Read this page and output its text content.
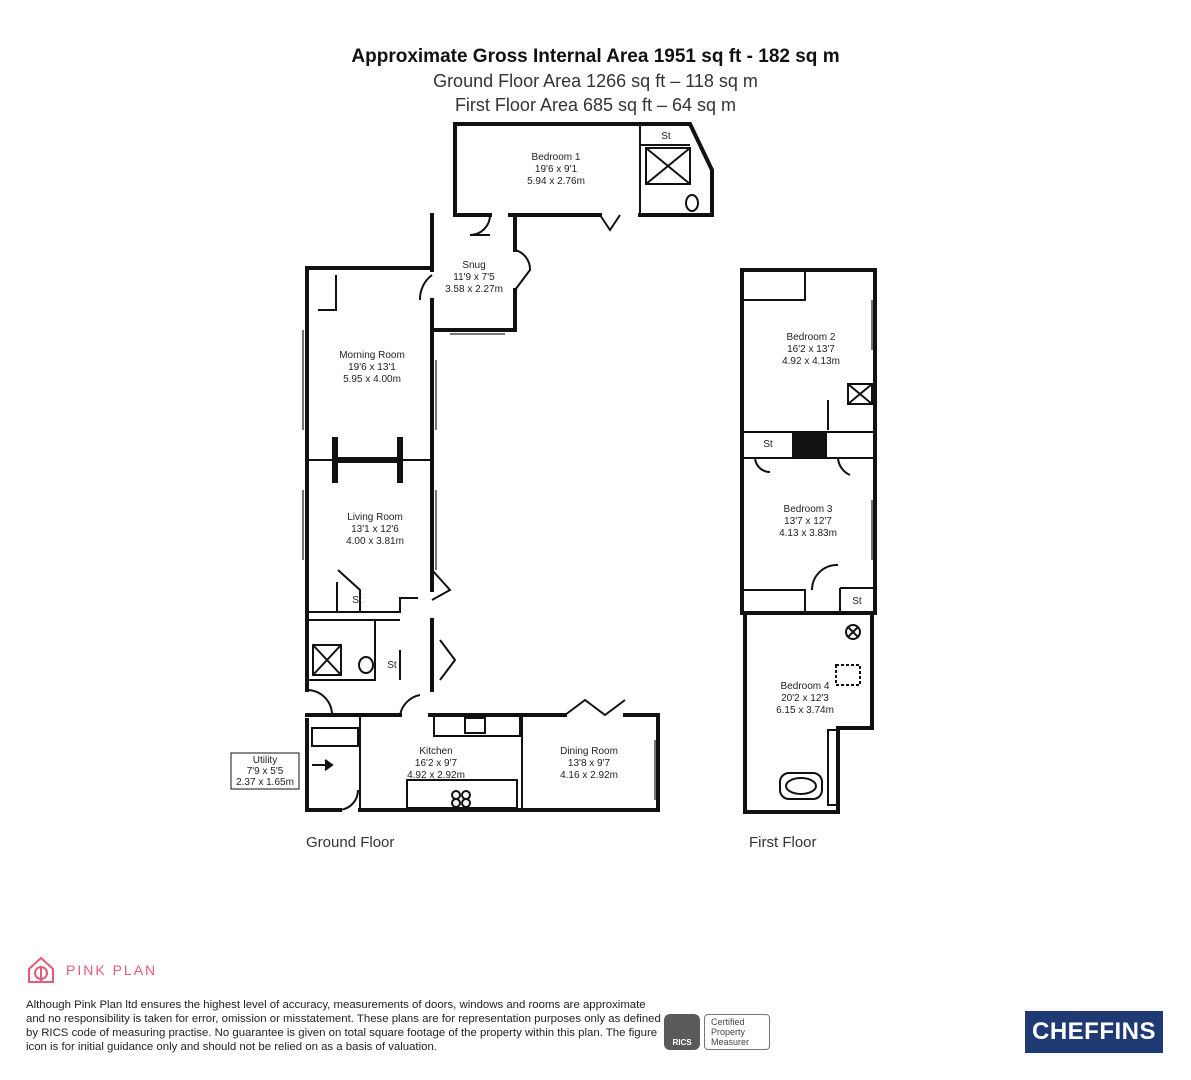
Approximate Gross Internal Area 1951 sq ft - 182 sq m
Ground Floor Area 1266 sq ft – 118 sq m
First Floor Area 685 sq ft – 64 sq m
Bedroom 1
19'6 x 9'1
5.94 x 2.76m
Snug
11'9 x 7'5
3.58 x 2.27m
Morning Room
19'6 x 13'1
5.95 x 4.00m
Living Room
13'1 x 12'6
4.00 x 3.81m
Kitchen
16'2 x 9'7
4.92 x 2.92m
Dining Room
13'8 x 9'7
4.16 x 2.92m
Utility
7'9 x 5'5
2.37 x 1.65m
Bedroom 2
16'2 x 13'7
4.92 x 4.13m
Bedroom 3
13'7 x 12'7
4.13 x 3.83m
Bedroom 4
20'2 x 12'3
6.15 x 3.74m
St
St
St
St
St
Ground Floor	First Floor
PINK PLAN
Although Pink Plan ltd ensures the highest level of accuracy, measurements of doors, windows and rooms are approximate and no responsibility is taken for error, omission or misstatement. These plans are for representation purposes only as defined by RICS code of measuring practise. No guarantee is given on total square footage of the property within this plan. The figure icon is for initial guidance only and should not be relied on as a basis of valuation.	RICS
Certified
Property
Measurer	CHEFFINS
